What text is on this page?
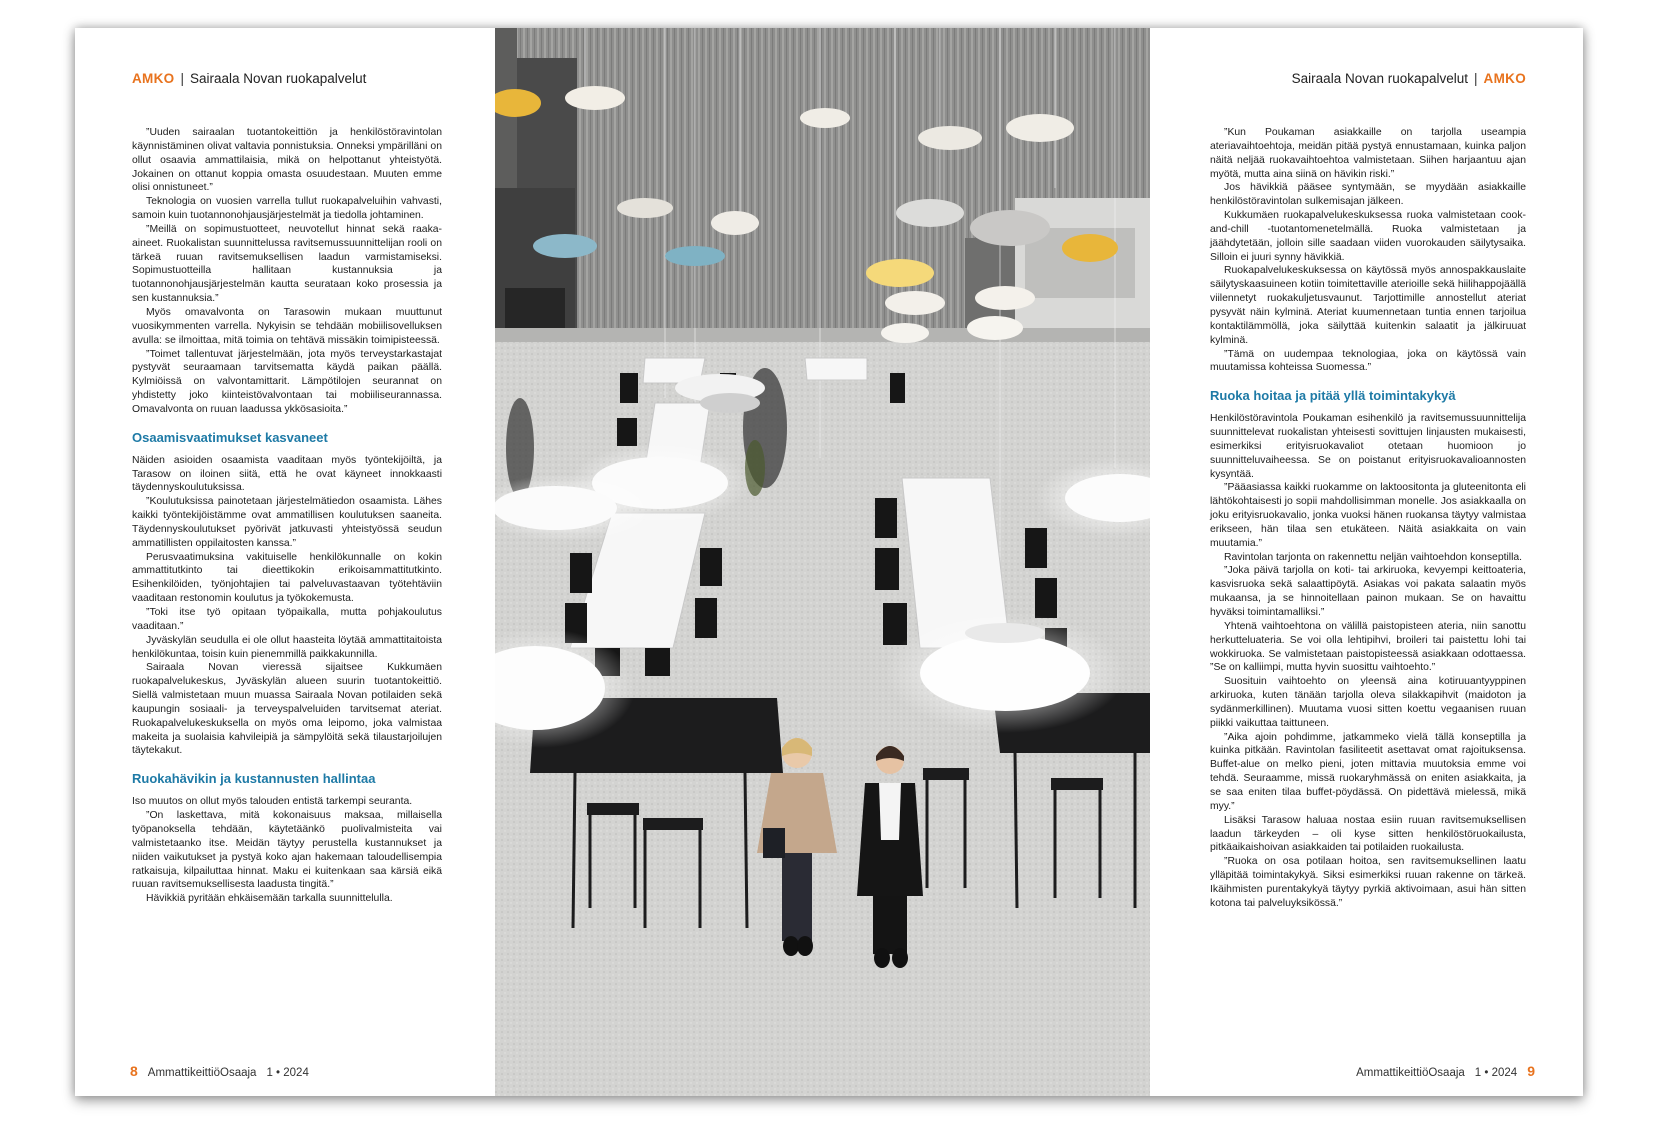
AMKO | Sairaala Novan ruokapalvelut

”Uuden sairaalan tuotantokeittiön ja henkilöstöravintolan käynnistäminen olivat valtavia ponnistuksia. Onneksi ympärilläni on ollut osaavia ammattilaisia, mikä on helpottanut yhteistyötä. Jokainen on ottanut koppia omasta osuudestaan. Muuten emme olisi onnistuneet.”

Teknologia on vuosien varrella tullut ruokapalveluihin vahvasti, samoin kuin tuotannonohjausjärjestelmät ja tiedolla johtaminen.

”Meillä on sopimustuotteet, neuvotellut hinnat sekä raaka-aineet. Ruokalistan suunnittelussa ravitsemussuunnittelijan rooli on tärkeä ruuan ravitsemuksellisen laadun varmistamiseksi. Sopimustuotteilla hallitaan kustannuksia ja tuotannonohjausjärjestelmän kautta seurataan koko prosessia ja sen kustannuksia.”

Myös omavalvonta on Tarasowin mukaan muuttunut vuosikymmenten varrella. Nykyisin se tehdään mobiilisovelluksen avulla: se ilmoittaa, mitä toimia on tehtävä missäkin toimipisteessä.

”Toimet tallentuvat järjestelmään, jota myös terveystarkastajat pystyvät seuraamaan tarvitsematta käydä paikan päällä. Kylmiöissä on valvontamittarit. Lämpötilojen seurannat on yhdistetty joko kiinteistövalvontaan tai mobiiliseurannassa. Omavalvonta on ruuan laadussa ykkösasioita.”

Osaamisvaatimukset kasvaneet

Näiden asioiden osaamista vaaditaan myös työntekijöiltä, ja Tarasow on iloinen siitä, että he ovat käyneet innokkaasti täydennyskoulutuksissa.

”Koulutuksissa painotetaan järjestelmätiedon osaamista. Lähes kaikki työntekijöistämme ovat ammatillisen koulutuksen saaneita. Täydennyskoulutukset pyörivät jatkuvasti yhteistyössä seudun ammatillisten oppilaitosten kanssa.”

Perusvaatimuksina vakituiselle henkilökunnalle on kokin ammattitutkinto tai dieettikokin erikoisammattitutkinto. Esihenkilöiden, työnjohtajien tai palveluvastaavan työtehtäviin vaaditaan restonomin koulutus ja työkokemusta.

”Toki itse työ opitaan työpaikalla, mutta pohjakoulutus vaaditaan.”

Jyväskylän seudulla ei ole ollut haasteita löytää ammattitaitoista henkilökuntaa, toisin kuin pienemmillä paikkakunnilla.

Sairaala Novan vieressä sijaitsee Kukkumäen ruokapalvelukeskus, Jyväskylän alueen suurin tuotantokeittiö. Siellä valmistetaan muun muassa Sairaala Novan potilaiden sekä kaupungin sosiaali- ja terveyspalveluiden tarvitsemat ateriat. Ruokapalvelukeskuksella on myös oma leipomo, joka valmistaa makeita ja suolaisia kahvileipiä ja sämpylöitä sekä tilaustarjoilujen täytekakut.

Ruokahävikin ja kustannusten hallintaa

Iso muutos on ollut myös talouden entistä tarkempi seuranta.

”On laskettava, mitä kokonaisuus maksaa, millaisella työpanoksella tehdään, käytetäänkö puolivalmisteita vai valmistetaanko itse. Meidän täytyy perustella kustannukset ja niiden vaikutukset ja pystyä koko ajan hakemaan taloudellisempia ratkaisuja, kilpailuttaa hinnat. Maku ei kuitenkaan saa kärsiä eikä ruuan ravitsemuksellisesta laadusta tingitä.”

Hävikkiä pyritään ehkäisemään tarkalla suunnittelulla.

8 AmmattikeittiöOsaaja 1 • 2024
Sairaala Novan ruokapalvelut | AMKO

”Kun Poukaman asiakkaille on tarjolla useampia ateriavaihtoehtoja, meidän pitää pystyä ennustamaan, kuinka paljon näitä neljää ruokavaihtoehtoa valmistetaan. Siihen harjaantuu ajan myötä, mutta aina siinä on hävikin riski.”

Jos hävikkiä pääsee syntymään, se myydään asiakkaille henkilöstöravintolan sulkemisajan jälkeen.

Kukkumäen ruokapalvelukeskuksessa ruoka valmistetaan cook-and-chill -tuotantomenetelmällä. Ruoka valmistetaan ja jäähdytetään, jolloin sille saadaan viiden vuorokauden säilytysaika. Silloin ei juuri synny hävikkiä.

Ruokapalvelukeskuksessa on käytössä myös annospakkauslaite säilytyskaasuineen kotiin toimitettaville aterioille sekä hiilihappojäällä viilennetyt ruokakuljetusvaunut. Tarjottimille annostellut ateriat pysyvät näin kylminä. Ateriat kuumennetaan tuntia ennen tarjoilua kontaktilämmöllä, joka säilyttää kuitenkin salaatit ja jälkiruuat kylminä.

”Tämä on uudempaa teknologiaa, joka on käytössä vain muutamissa kohteissa Suomessa.”

Ruoka hoitaa ja pitää yllä toimintakykyä

Henkilöstöravintola Poukaman esihenkilö ja ravitsemussuunnittelija suunnittelevat ruokalistan yhteisesti sovittujen linjausten mukaisesti, esimerkiksi erityisruokavaliot otetaan huomioon jo suunnitteluvaiheessa. Se on poistanut erityisruokavalioannosten kysyntää.

”Pääasiassa kaikki ruokamme on laktoositonta ja gluteenitonta eli lähtökohtaisesti jo sopii mahdollisimman monelle. Jos asiakkaalla on joku erityisruokavalio, jonka vuoksi hänen ruokansa täytyy valmistaa erikseen, hän tilaa sen etukäteen. Näitä asiakkaita on vain muutamia.”

Ravintolan tarjonta on rakennettu neljän vaihtoehdon konseptilla.

”Joka päivä tarjolla on koti- tai arkiruoka, kevyempi keittoateria, kasvisruoka sekä salaattipöytä. Asiakas voi pakata salaatin myös mukaansa, ja se hinnoitellaan painon mukaan. Se on havaittu hyväksi toimintamalliksi.”

Yhtenä vaihtoehtona on välillä paistopisteen ateria, niin sanottu herkutteluateria. Se voi olla lehtipihvi, broileri tai paistettu lohi tai wokkiruoka. Se valmistetaan paistopisteessä asiakkaan odottaessa. ”Se on kalliimpi, mutta hyvin suosittu vaihtoehto.”

Suosituin vaihtoehto on yleensä aina kotiruuantyyppinen arkiruoka, kuten tänään tarjolla oleva silakkapihvit (maidoton ja sydänmerkillinen). Muutama vuosi sitten koettu vegaanisen ruuan piikki vaikuttaa taittuneen.

”Aika ajoin pohdimme, jatkammeko vielä tällä konseptilla ja kuinka pitkään. Ravintolan fasiliteetit asettavat omat rajoituksensa. Buffet-alue on melko pieni, joten mittavia muutoksia emme voi tehdä. Seuraamme, missä ruokaryhmässä on eniten asiakkaita, ja se saa eniten tilaa buffet-pöydässä. On pidettävä mielessä, mikä myy.”

Lisäksi Tarasow haluaa nostaa esiin ruuan ravitsemuksellisen laadun tärkeyden – oli kyse sitten henkilöstöruokailusta, pitkäaikaishoivan asiakkaiden tai potilaiden ruokailusta.

”Ruoka on osa potilaan hoitoa, sen ravitsemuksellinen laatu ylläpitää toimintakykyä. Siksi esimerkiksi ruuan rakenne on tärkeä. Ikäihmisten purentakykyä täytyy pyrkiä aktivoimaan, asui hän sitten kotona tai palveluyksikössä.”

AmmattikeittiöOsaaja 1 • 2024 9
